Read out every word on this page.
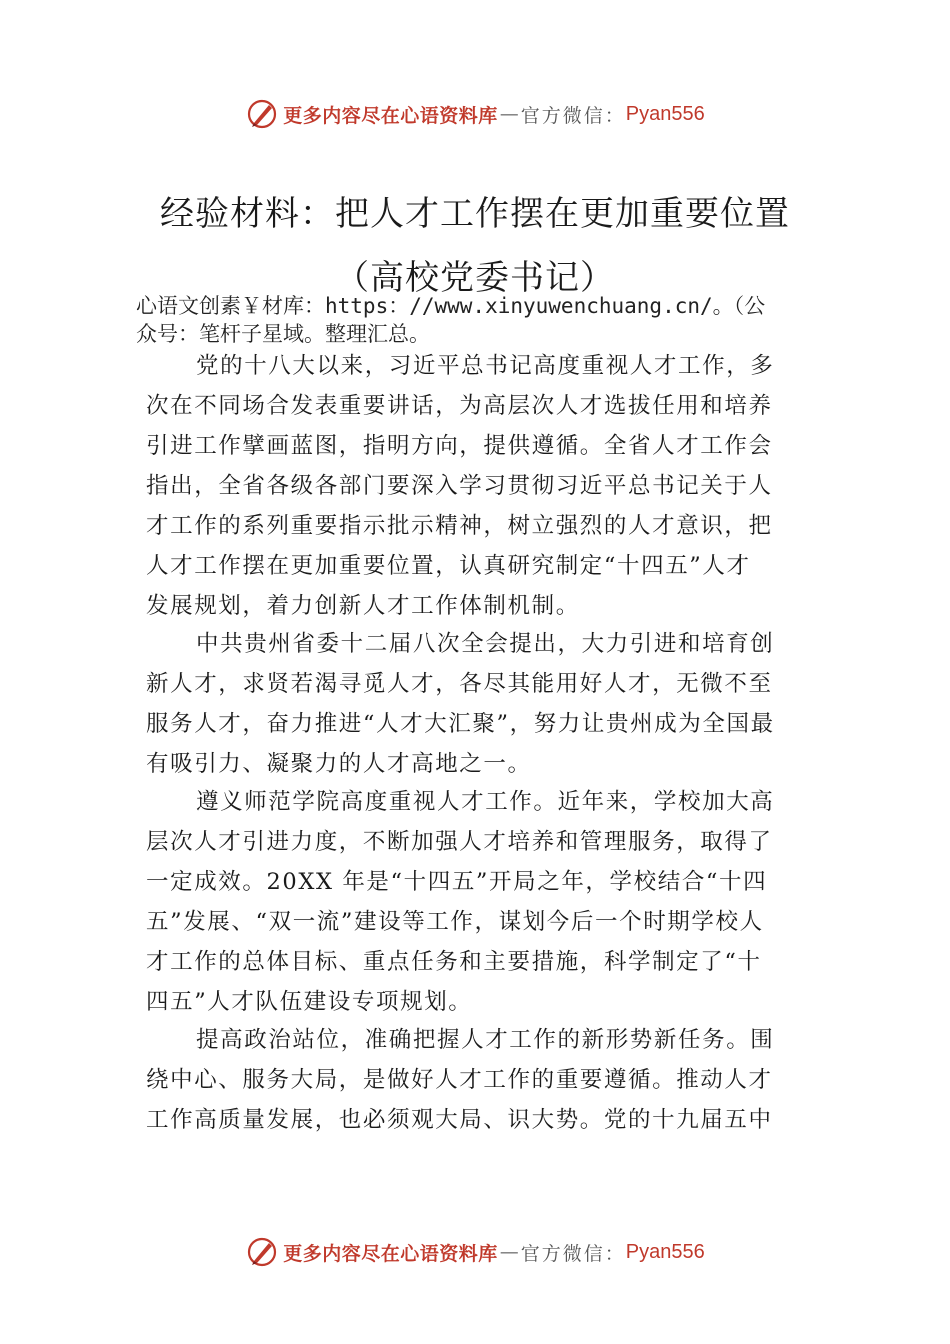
更多内容尽在心语资料库 — 官方微信： Pyan556
经验材料：把人才工作摆在更加重要位置
（高校党委书记）
心语文创素￥材库：https：//www.xinyuwenchuang.cn/。（公
众号：笔杆子星域。整理汇总。
党的十八大以来，习近平总书记高度重视人才工作，多
次在不同场合发表重要讲话，为高层次人才选拔任用和培养
引进工作擘画蓝图，指明方向，提供遵循。全省人才工作会
指出，全省各级各部门要深入学习贯彻习近平总书记关于人
才工作的系列重要指示批示精神，树立强烈的人才意识，把
人才工作摆在更加重要位置，认真研究制定“十四五”人才
发展规划，着力创新人才工作体制机制。
中共贵州省委十二届八次全会提出，大力引进和培育创
新人才，求贤若渴寻觅人才，各尽其能用好人才，无微不至
服务人才，奋力推进“人才大汇聚”，努力让贵州成为全国最
有吸引力、凝聚力的人才高地之一。
遵义师范学院高度重视人才工作。近年来，学校加大高
层次人才引进力度，不断加强人才培养和管理服务，取得了
一定成效。20XX 年是“十四五”开局之年，学校结合“十四
五”发展、“双一流”建设等工作，谋划今后一个时期学校人
才工作的总体目标、重点任务和主要措施，科学制定了“十
四五”人才队伍建设专项规划。
提高政治站位，准确把握人才工作的新形势新任务。围
绕中心、服务大局，是做好人才工作的重要遵循。推动人才
工作高质量发展，也必须观大局、识大势。党的十九届五中
更多内容尽在心语资料库 — 官方微信： Pyan556
